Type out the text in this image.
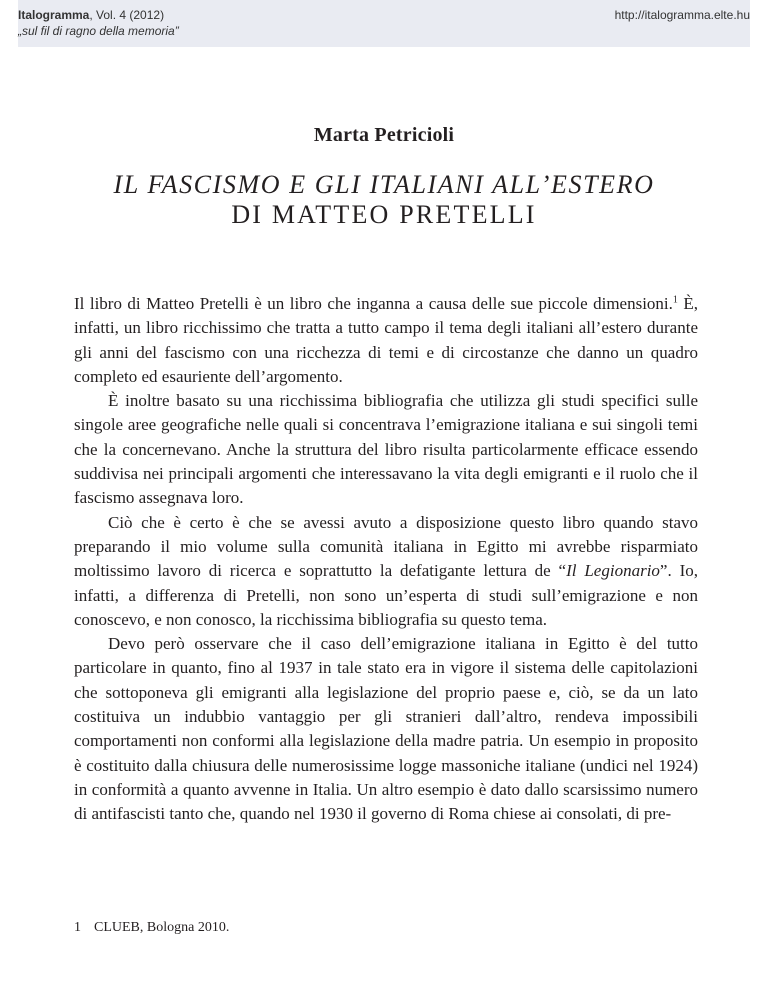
Italogramma, Vol. 4 (2012)
„sul fil di ragno della memoria”
http://italogramma.elte.hu
Marta Petricioli
IL FASCISMO E GLI ITALIANI ALL’ESTERO
DI MATTEO PRETELLI

Il libro di Matteo Pretelli è un libro che inganna a causa delle sue piccole dimensioni.$^1$ È, infatti, un libro ricchissimo che tratta a tutto campo il tema degli italiani all’estero durante gli anni del fascismo con una ricchezza di temi e di circostanze che danno un quadro completo ed esauriente dell’argomento.

È inoltre basato su una ricchissima bibliografia che utilizza gli studi specifici sulle singole aree geografiche nelle quali si concentrava l’emigrazione italiana e sui singoli temi che la concernevano. Anche la struttura del libro risulta particolarmente efficace essendo suddivisa nei principali argomenti che interessavano la vita degli emigranti e il ruolo che il fascismo assegnava loro.

Ciò che è certo è che se avessi avuto a disposizione questo libro quando stavo preparando il mio volume sulla comunità italiana in Egitto mi avrebbe risparmiato moltissimo lavoro di ricerca e soprattutto la defatigante lettura de “Il Legionario”. Io, infatti, a differenza di Pretelli, non sono un’esperta di studi sull’emigrazione e non conoscevo, e non conosco, la ricchissima bibliografia su questo tema.

Devo però osservare che il caso dell’emigrazione italiana in Egitto è del tutto particolare in quanto, fino al 1937 in tale stato era in vigore il sistema delle capitolazioni che sottoponeva gli emigranti alla legislazione del proprio paese e, ciò, se da un lato costituiva un indubbio vantaggio per gli stranieri dall’altro, rendeva impossibili comportamenti non conformi alla legislazione della madre patria. Un esempio in proposito è costituito dalla chiusura delle numerosissime logge massoniche italiane (undici nel 1924) in conformità a quanto avvenne in Italia. Un altro esempio è dato dallo scarsissimo numero di antifascisti tanto che, quando nel 1930 il governo di Roma chiese ai consolati, di pre-

1 CLUEB, Bologna 2010.
